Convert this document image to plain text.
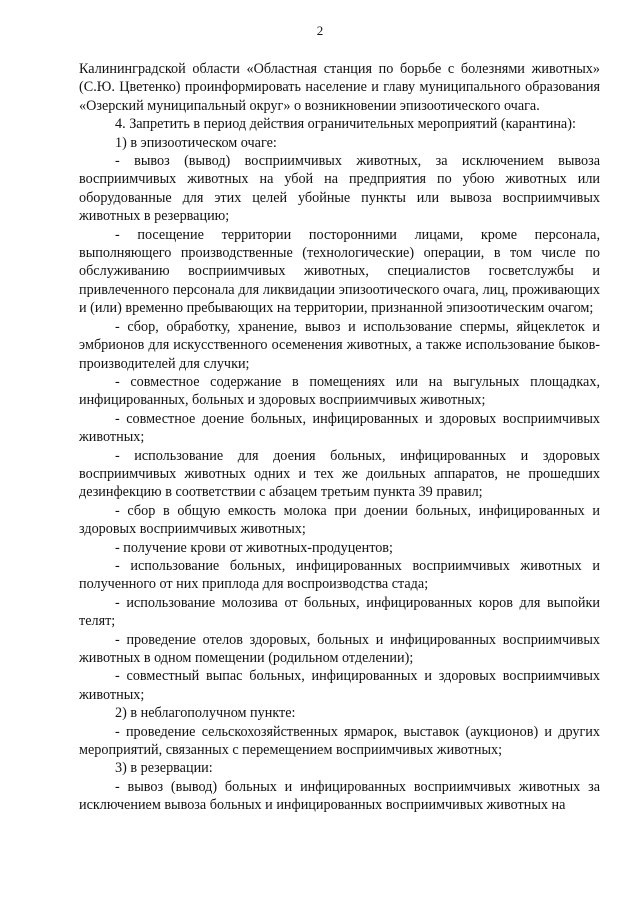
2

Калининградской области «Областная станция по борьбе с болезнями животных» (С.Ю. Цветенко) проинформировать население и главу муниципального образования «Озерский муниципальный округ» о возникновении эпизоотического очага.

4. Запретить в период действия ограничительных мероприятий (карантина):

1) в эпизоотическом очаге:

- вывоз (вывод) восприимчивых животных, за исключением вывоза восприимчивых животных на убой на предприятия по убою животных или оборудованные для этих целей убойные пункты или вывоза восприимчивых животных в резервацию;

- посещение территории посторонними лицами, кроме персонала, выполняющего производственные (технологические) операции, в том числе по обслуживанию восприимчивых животных, специалистов госветслужбы и привлеченного персонала для ликвидации эпизоотического очага, лиц, проживающих и (или) временно пребывающих на территории, признанной эпизоотическим очагом;

- сбор, обработку, хранение, вывоз и использование спермы, яйцеклеток и эмбрионов для искусственного осеменения животных, а также использование быков-производителей для случки;

- совместное содержание в помещениях или на выгульных площадках, инфицированных, больных и здоровых восприимчивых животных;

- совместное доение больных, инфицированных и здоровых восприимчивых животных;

- использование для доения больных, инфицированных и здоровых восприимчивых животных одних и тех же доильных аппаратов, не прошедших дезинфекцию в соответствии с абзацем третьим пункта 39 правил;

- сбор в общую емкость молока при доении больных, инфицированных и здоровых восприимчивых животных;

- получение крови от животных-продуцентов;

- использование больных, инфицированных восприимчивых животных и полученного от них приплода для воспроизводства стада;

- использование молозива от больных, инфицированных коров для выпойки телят;

- проведение отелов здоровых, больных и инфицированных восприимчивых животных в одном помещении (родильном отделении);

- совместный выпас больных, инфицированных и здоровых восприимчивых животных;

2) в неблагополучном пункте:

- проведение сельскохозяйственных ярмарок, выставок (аукционов) и других мероприятий, связанных с перемещением восприимчивых животных;

3) в резервации:

- вывоз (вывод) больных и инфицированных восприимчивых животных за исключением вывоза больных и инфицированных восприимчивых животных на
